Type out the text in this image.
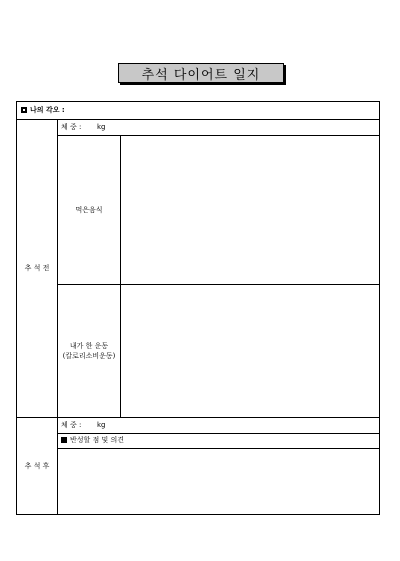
추석 다이어트 일지
나의 각오 :
체 중 : kg
먹은음식
내가 한 운동
(칼로리소비운동)
추 석 전
체 중 : kg
반성할 점 및 의견
추 석 후
